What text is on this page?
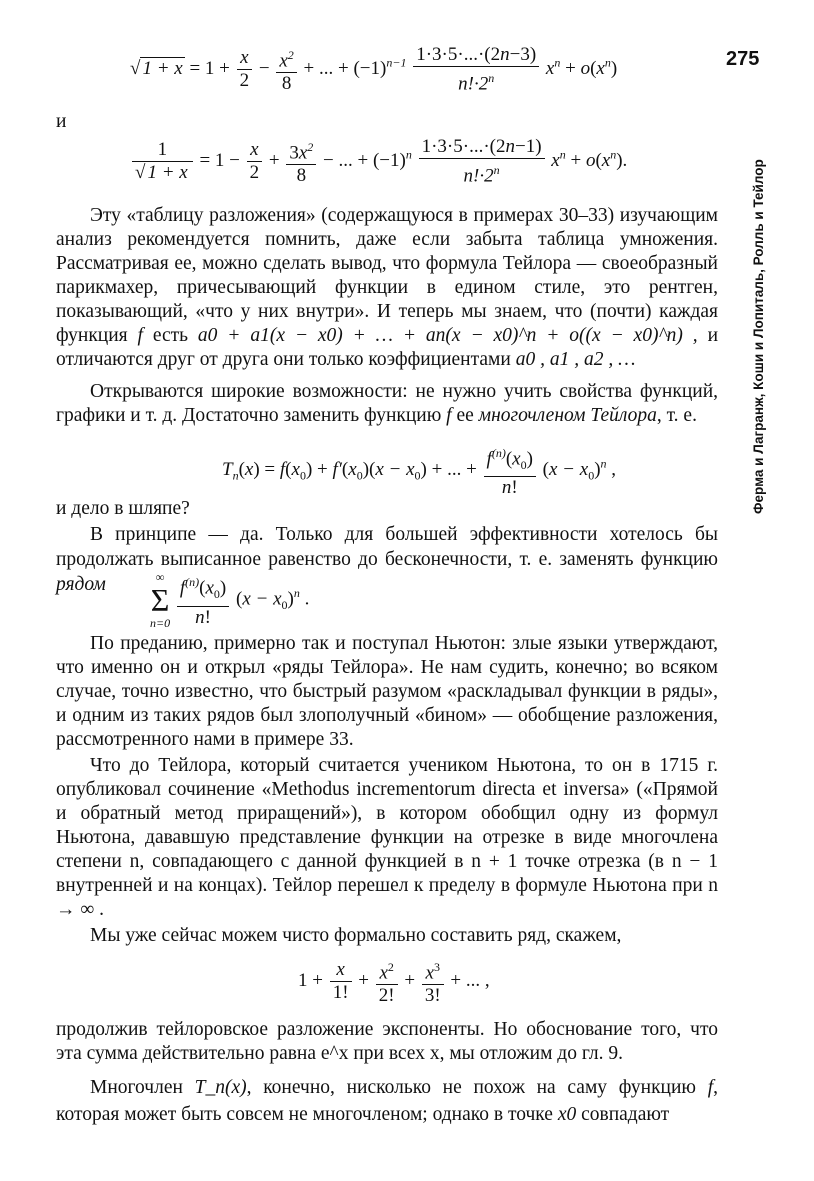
275
Ферма и Лагранж, Коши и Лопиталь, Ролль и Тейлор
√ $1 + x = 1 + \frac{x}{2} - \frac{x^2}{8}$ + ... + $(-1)^{n-1} \frac{1\cdot 3\cdot 5\cdot...\cdot(2n-3)}{n!\cdot 2^n} x^n + o(x^n)$
и
$\frac{1}{√ 1 + x} = 1 - \frac{x}{2} + \frac{3x^2}{8}$ − ... + $(-1)^n \frac{1\cdot 3\cdot 5\cdot...\cdot(2n-1)}{n!\cdot 2^n} x^n + o(x^n)$.
Эту «таблицу разложения» (содержащуюся в примерах 30–33) изучающим анализ рекомендуется помнить, даже если забыта таблица умножения. Рассматривая ее, можно сделать вывод, что формула Тейлора — своеобразный парикмахер, причесывающий функции в едином стиле, это рентген, показывающий, «что у них внутри». И теперь мы знаем, что (почти) каждая функция f есть a0 + a1(x − x0) + … + an(x − x0)^n + o((x − x0)^n) , и отличаются друг от друга они только коэффициентами a0 , a1 , a2 , …
Открываются широкие возможности: не нужно учить свойства функций, графики и т. д. Достаточно заменить функцию f ее многочленом Тейлора, т. е.
$T_n(x) = f(x_0) + f'(x_0)(x - x_0)$ + ... + $\frac{f^{(n)}(x_0)}{n!} (x - x_0)^n$ ,
и дело в шляпе?
В принципе — да. Только для большей эффективности хотелось бы продолжать выписанное равенство до бесконечности, т. е. заменять функцию рядом	∞
Σ
n=0
$\frac{f^{(n)}(x_0)}{n!} (x - x_0)^n$ .
По преданию, примерно так и поступал Ньютон: злые языки утверждают, что именно он и открыл «ряды Тейлора». Не нам судить, конечно; во всяком случае, точно известно, что быстрый разумом «раскладывал функции в ряды», и одним из таких рядов был злополучный «бином» — обобщение разложения, рассмотренного нами в примере 33.
Что до Тейлора, который считается учеником Ньютона, то он в 1715 г. опубликовал сочинение «Methodus incrementorum directa et inversa» («Прямой и обратный метод приращений»), в котором обобщил одну из формул Ньютона, дававшую представление функции на отрезке в виде многочлена степени n, совпадающего с данной функцией в n + 1 точке отрезка (в n − 1 внутренней и на концах). Тейлор перешел к пределу в формуле Ньютона при n → ∞ .
Мы уже сейчас можем чисто формально составить ряд, скажем,
$1 + \frac{x}{1!} + \frac{x^2}{2!} + \frac{x^3}{3!}$ + ... ,
продолжив тейлоровское разложение экспоненты. Но обоснование того, что эта сумма действительно равна e^x при всех x, мы отложим до гл. 9.
Многочлен T_n(x), конечно, нисколько не похож на саму функцию f, которая может быть совсем не многочленом; однако в точке x0 совпадают
